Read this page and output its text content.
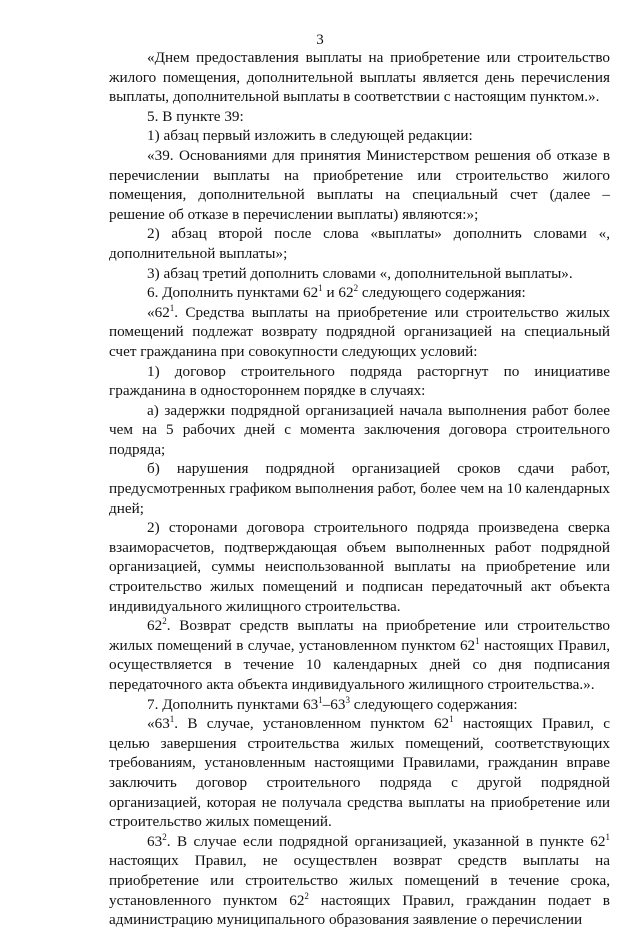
3

«Днем предоставления выплаты на приобретение или строительство жилого помещения, дополнительной выплаты является день перечисления выплаты, дополнительной выплаты в соответствии с настоящим пунктом.».

5. В пункте 39:

1) абзац первый изложить в следующей редакции:

«39. Основаниями для принятия Министерством решения об отказе в перечислении выплаты на приобретение или строительство жилого помещения, дополнительной выплаты на специальный счет (далее – решение об отказе в перечислении выплаты) являются:»;

2) абзац второй после слова «выплаты» дополнить словами «, дополнительной выплаты»;

3) абзац третий дополнить словами «, дополнительной выплаты».

6. Дополнить пунктами $62^1$ и $62^2$ следующего содержания:

«$62^1$. Средства выплаты на приобретение или строительство жилых помещений подлежат возврату подрядной организацией на специальный счет гражданина при совокупности следующих условий:

1) договор строительного подряда расторгнут по инициативе гражданина в одностороннем порядке в случаях:

а) задержки подрядной организацией начала выполнения работ более чем на 5 рабочих дней с момента заключения договора строительного подряда;

б) нарушения подрядной организацией сроков сдачи работ, предусмотренных графиком выполнения работ, более чем на 10 календарных дней;

2) сторонами договора строительного подряда произведена сверка взаиморасчетов, подтверждающая объем выполненных работ подрядной организацией, суммы неиспользованной выплаты на приобретение или строительство жилых помещений и подписан передаточный акт объекта индивидуального жилищного строительства.

$62^2$. Возврат средств выплаты на приобретение или строительство жилых помещений в случае, установленном пунктом $62^1$ настоящих Правил, осуществляется в течение 10 календарных дней со дня подписания передаточного акта объекта индивидуального жилищного строительства.».

7. Дополнить пунктами $63^1-63^3$ следующего содержания:

«$63^1$. В случае, установленном пунктом $62^1$ настоящих Правил, с целью завершения строительства жилых помещений, соответствующих требованиям, установленным настоящими Правилами, гражданин вправе заключить договор строительного подряда с другой подрядной организацией, которая не получала средства выплаты на приобретение или строительство жилых помещений.

$63^2$. В случае если подрядной организацией, указанной в пункте $62^1$ настоящих Правил, не осуществлен возврат средств выплаты на приобретение или строительство жилых помещений в течение срока, установленного пунктом $62^2$ настоящих Правил, гражданин подает в администрацию муниципального образования заявление о перечислении
